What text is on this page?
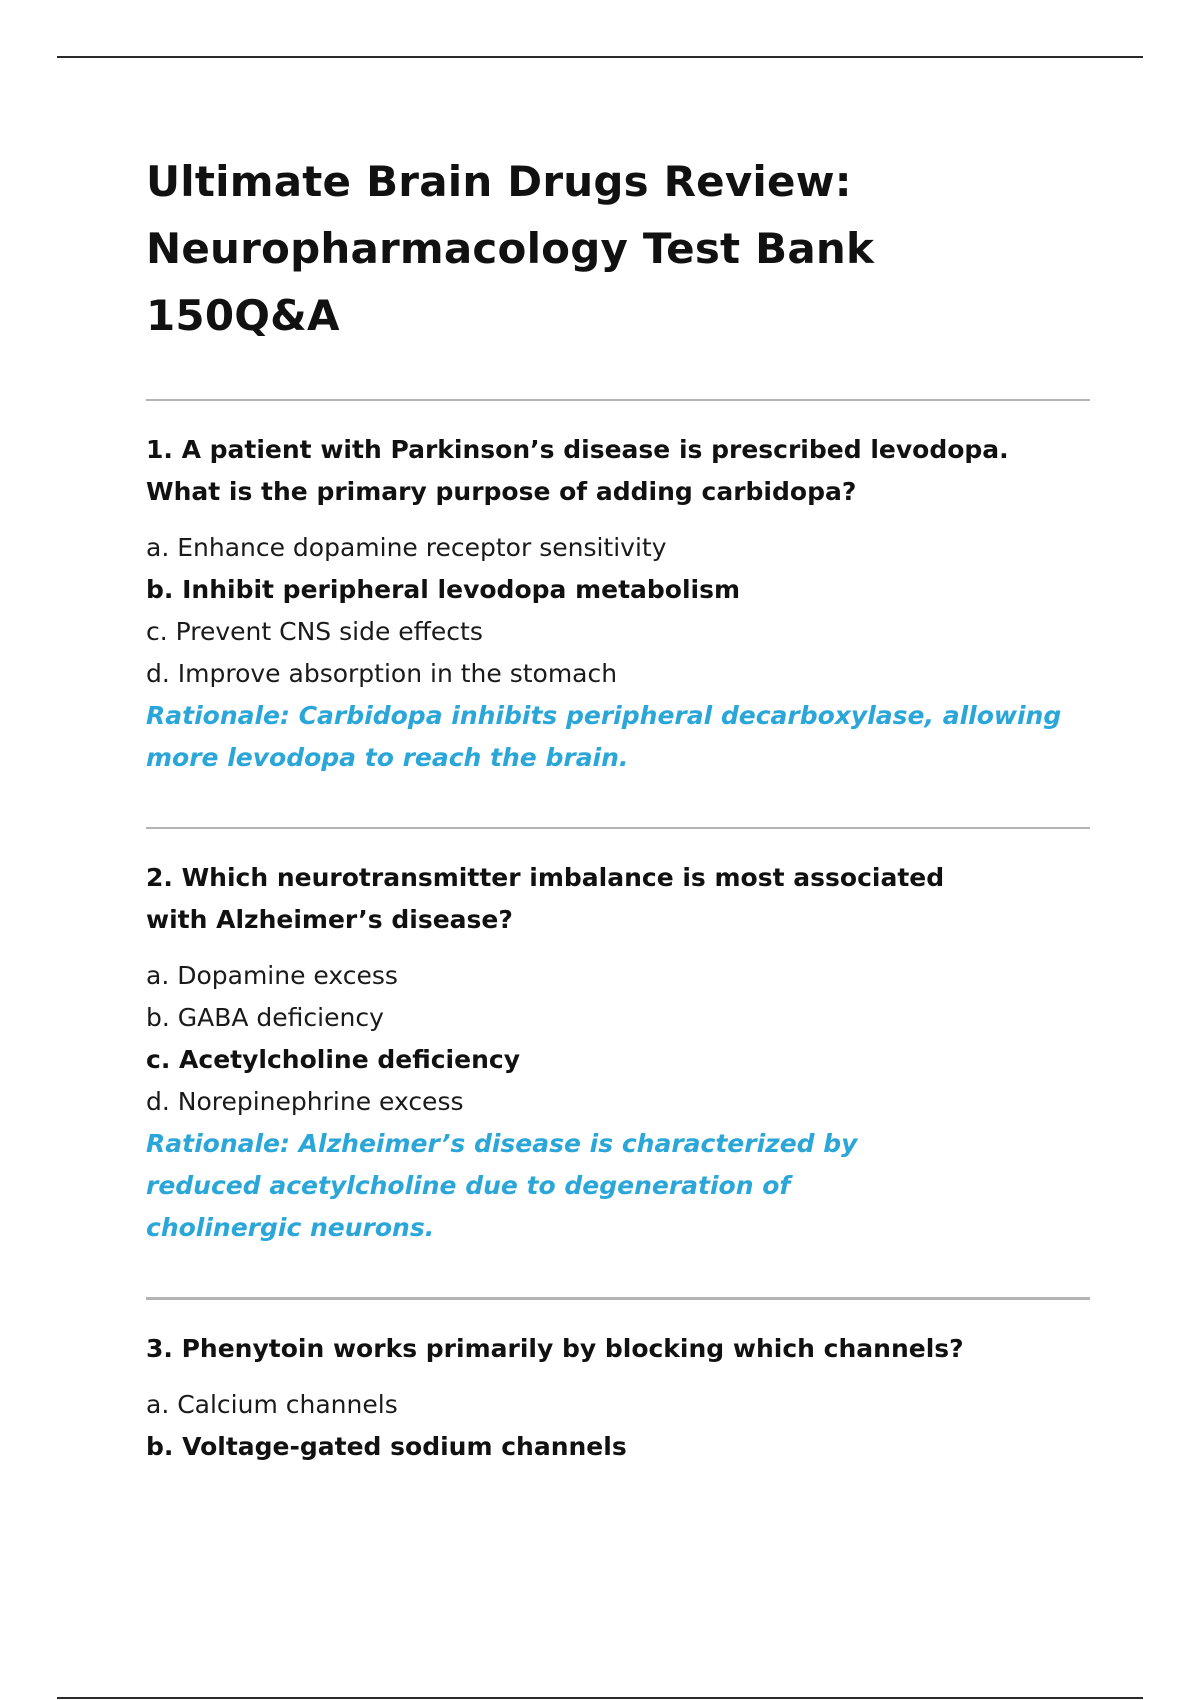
Ultimate Brain Drugs Review:
Neuropharmacology Test Bank
150Q&A

1. A patient with Parkinson’s disease is prescribed levodopa. What is the primary purpose of adding carbidopa?

a. Enhance dopamine receptor sensitivity
b. Inhibit peripheral levodopa metabolism
c. Prevent CNS side effects
d. Improve absorption in the stomach
Rationale: Carbidopa inhibits peripheral decarboxylase, allowing more levodopa to reach the brain.

2. Which neurotransmitter imbalance is most associated with Alzheimer’s disease?

a. Dopamine excess
b. GABA deficiency
c. Acetylcholine deficiency
d. Norepinephrine excess
Rationale: Alzheimer’s disease is characterized by reduced acetylcholine due to degeneration of cholinergic neurons.

3. Phenytoin works primarily by blocking which channels?

a. Calcium channels
b. Voltage-gated sodium channels
